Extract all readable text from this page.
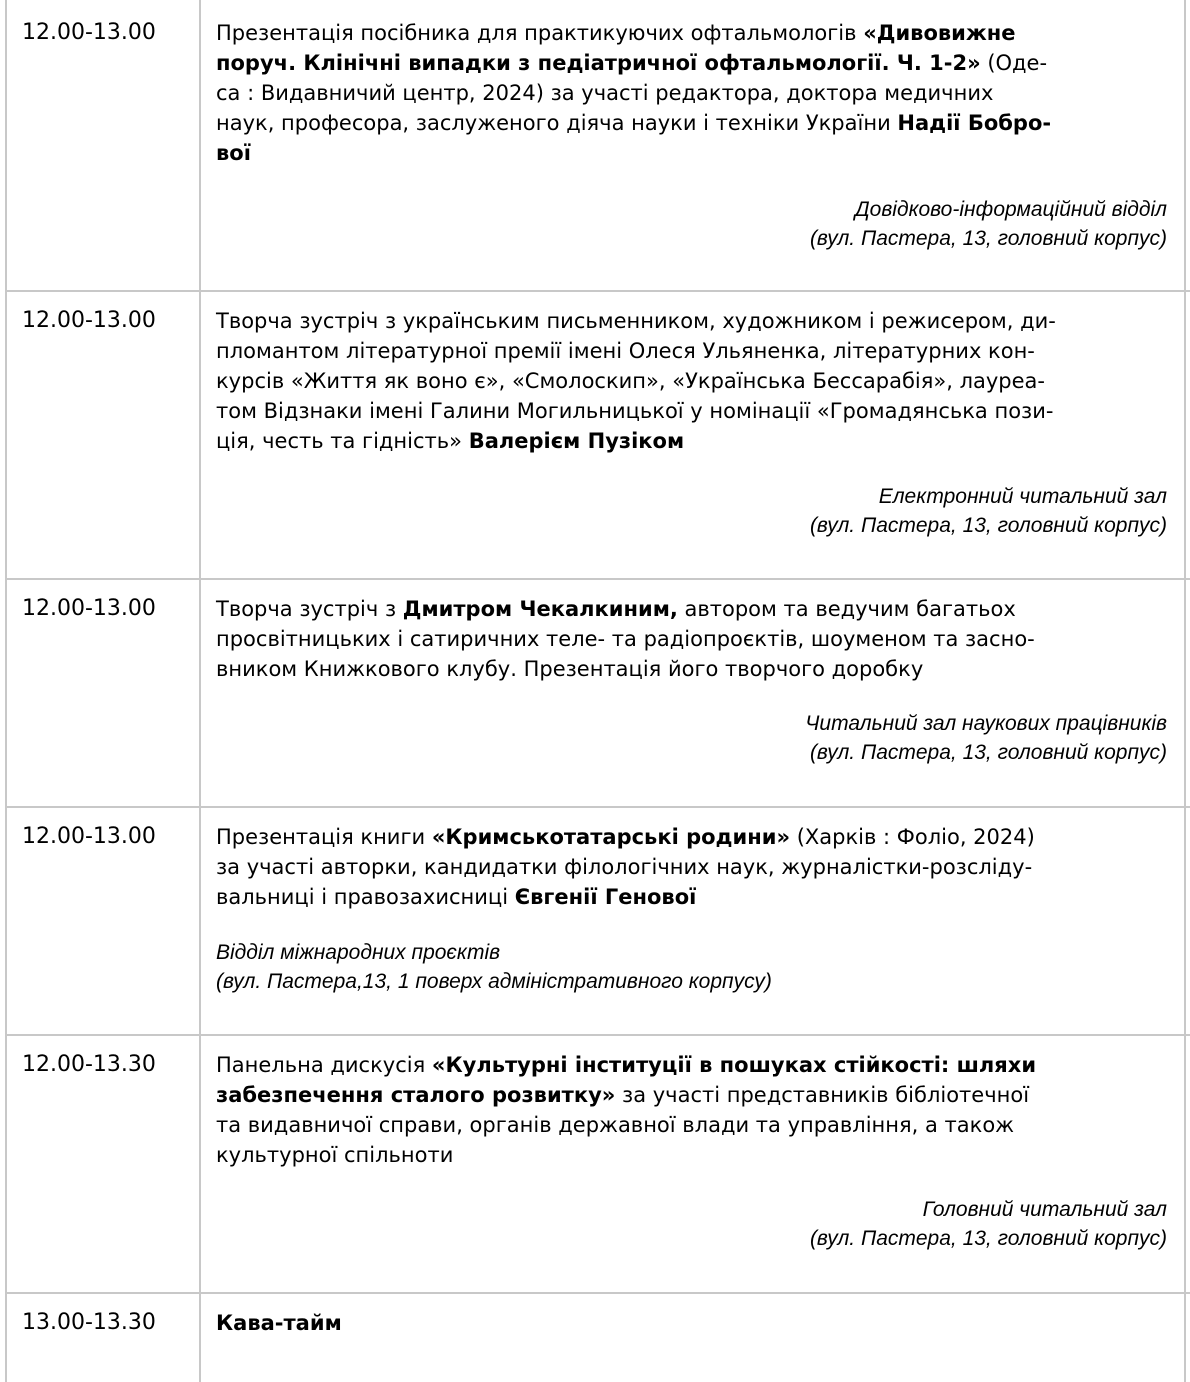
12.00-13.00	Презентація посібника для практикуючих офтальмологів «Дивовижне
поруч. Клінічні випадки з педіатричної офтальмології. Ч. 1-2» (Оде-
са : Видавничий центр, 2024) за участі редактора, доктора медичних
наук, професора, заслуженого діяча науки і техніки України Надії Бобро-
вої
Довідково-інформаційний відділ
(вул. Пастера, 13, головний корпус)
12.00-13.00	Творча зустріч з українським письменником, художником і режисером, ди-
пломантом літературної премії імені Олеся Ульяненка, літературних кон-
курсів «Життя як воно є», «Смолоскип», «Українська Бессарабія», лауреа-
том Відзнаки імені Галини Могильницької у номінації «Громадянська пози-
ція, честь та гідність» Валерієм Пузіком
Електронний читальний зал
(вул. Пастера, 13, головний корпус)
12.00-13.00	Творча зустріч з Дмитром Чекалкиним, автором та ведучим багатьох
просвітницьких і сатиричних теле- та радіопроєктів, шоуменом та засно-
вником Книжкового клубу. Презентація його творчого доробку
Читальний зал наукових працівників
(вул. Пастера, 13, головний корпус)
12.00-13.00	Презентація книги «Кримськотатарські родини» (Харків : Фоліо, 2024)
за участі авторки, кандидатки філологічних наук, журналістки-розсліду-
вальниці і правозахисниці Євгенії Генової
Відділ міжнародних проєктів
(вул. Пастера,13, 1 поверх адміністративного корпусу)
12.00-13.30	Панельна дискусія «Культурні інституції в пошуках стійкості: шляхи
забезпечення сталого розвитку» за участі представників бібліотечної
та видавничої справи, органів державної влади та управління, а також
культурної спільноти
Головний читальний зал
(вул. Пастера, 13, головний корпус)
13.00-13.30	Кава-тайм
